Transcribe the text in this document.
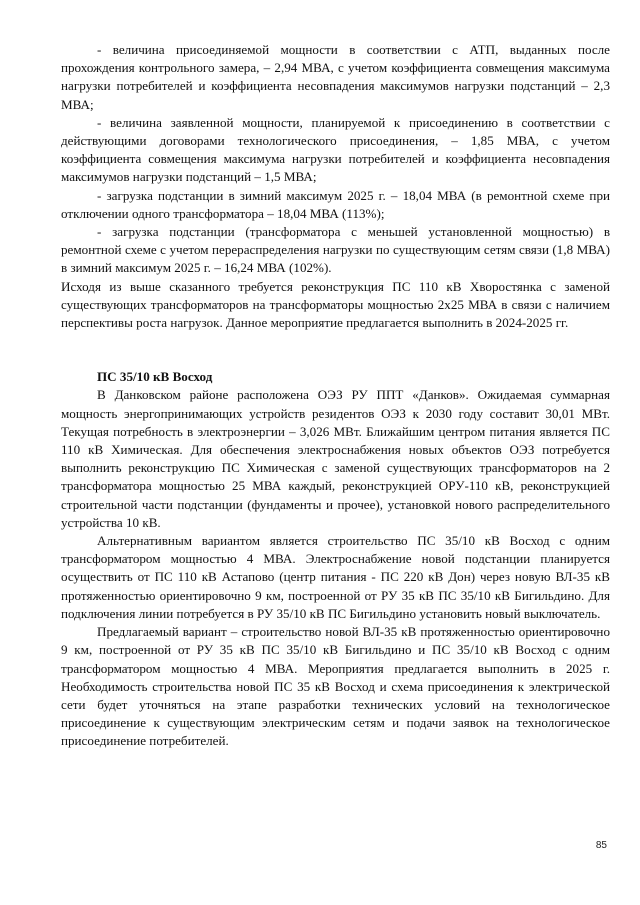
- величина присоединяемой мощности в соответствии с АТП, выданных после прохождения контрольного замера, – 2,94 МВА, с учетом коэффициента совмещения максимума нагрузки потребителей и коэффициента несовпадения максимумов нагрузки подстанций – 2,3 МВА;

- величина заявленной мощности, планируемой к присоединению в соответствии с действующими договорами технологического присоединения, – 1,85 МВА, с учетом коэффициента совмещения максимума нагрузки потребителей и коэффициента несовпадения максимумов нагрузки подстанций – 1,5 МВА;

- загрузка подстанции в зимний максимум 2025 г. – 18,04 МВА (в ремонтной схеме при отключении одного трансформатора – 18,04 МВА (113%);

- загрузка подстанции (трансформатора с меньшей установленной мощностью) в ремонтной схеме с учетом перераспределения нагрузки по существующим сетям связи (1,8 МВА) в зимний максимум 2025 г. – 16,24 МВА (102%).

Исходя из выше сказанного требуется реконструкция ПС 110 кВ Хворостянка с заменой существующих трансформаторов на трансформаторы мощностью 2х25 МВА в связи с наличием перспективы роста нагрузок. Данное мероприятие предлагается выполнить в 2024-2025 гг.

ПС 35/10 кВ Восход

В Данковском районе расположена ОЭЗ РУ ППТ «Данков». Ожидаемая суммарная мощность энергопринимающих устройств резидентов ОЭЗ к 2030 году составит 30,01 МВт. Текущая потребность в электроэнергии – 3,026 МВт. Ближайшим центром питания является ПС 110 кВ Химическая. Для обеспечения электроснабжения новых объектов ОЭЗ потребуется выполнить реконструкцию ПС Химическая с заменой существующих трансформаторов на 2 трансформатора мощностью 25 МВА каждый, реконструкцией ОРУ-110 кВ, реконструкцией строительной части подстанции (фундаменты и прочее), установкой нового распределительного устройства 10 кВ.

Альтернативным вариантом является строительство ПС 35/10 кВ Восход с одним трансформатором мощностью 4 МВА. Электроснабжение новой подстанции планируется осуществить от ПС 110 кВ Астапово (центр питания - ПС 220 кВ Дон) через новую ВЛ-35 кВ протяженностью ориентировочно 9 км, построенной от РУ 35 кВ ПС 35/10 кВ Бигильдино. Для подключения линии потребуется в РУ 35/10 кВ ПС Бигильдино установить новый выключатель.

Предлагаемый вариант – строительство новой ВЛ-35 кВ протяженностью ориентировочно 9 км, построенной от РУ 35 кВ ПС 35/10 кВ Бигильдино и ПС 35/10 кВ Восход с одним трансформатором мощностью 4 МВА. Мероприятия предлагается выполнить в 2025 г. Необходимость строительства новой ПС 35 кВ Восход и схема присоединения к электрической сети будет уточняться на этапе разработки технических условий на технологическое присоединение к существующим электрическим сетям и подачи заявок на технологическое присоединение потребителей.

85
